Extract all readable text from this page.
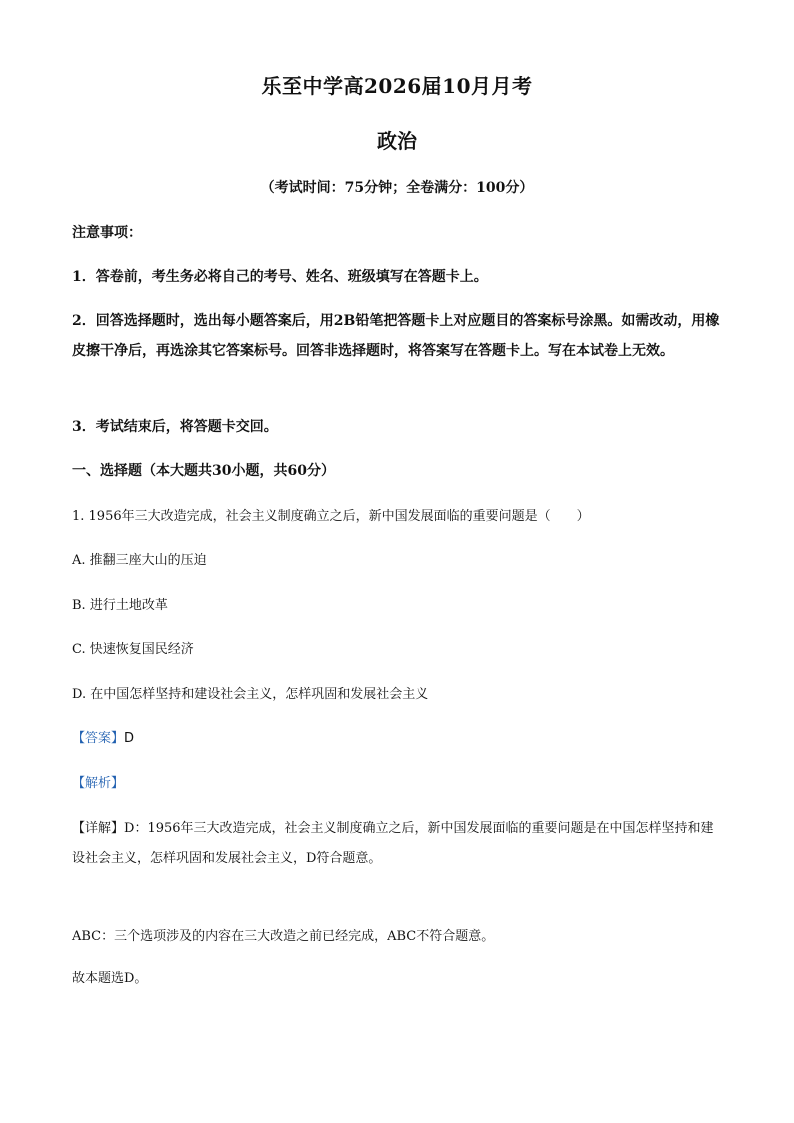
乐至中学高2026届10月月考
政治
（考试时间：75分钟；全卷满分：100分）
注意事项：
1．答卷前，考生务必将自己的考号、姓名、班级填写在答题卡上。
2．回答选择题时，选出每小题答案后，用2B铅笔把答题卡上对应题目的答案标号涂黑。如需改动，用橡皮擦干净后，再选涂其它答案标号。回答非选择题时，将答案写在答题卡上。写在本试卷上无效。
3．考试结束后，将答题卡交回。
一、选择题（本大题共30小题，共60分）
1. 1956年三大改造完成，社会主义制度确立之后，新中国发展面临的重要问题是（　　）
A. 推翻三座大山的压迫
B. 进行土地改革
C. 快速恢复国民经济
D. 在中国怎样坚持和建设社会主义，怎样巩固和发展社会主义
【答案】D
【解析】
【详解】D：1956年三大改造完成，社会主义制度确立之后，新中国发展面临的重要问题是在中国怎样坚持和建设社会主义，怎样巩固和发展社会主义，D符合题意。
ABC：三个选项涉及的内容在三大改造之前已经完成，ABC不符合题意。
故本题选D。
